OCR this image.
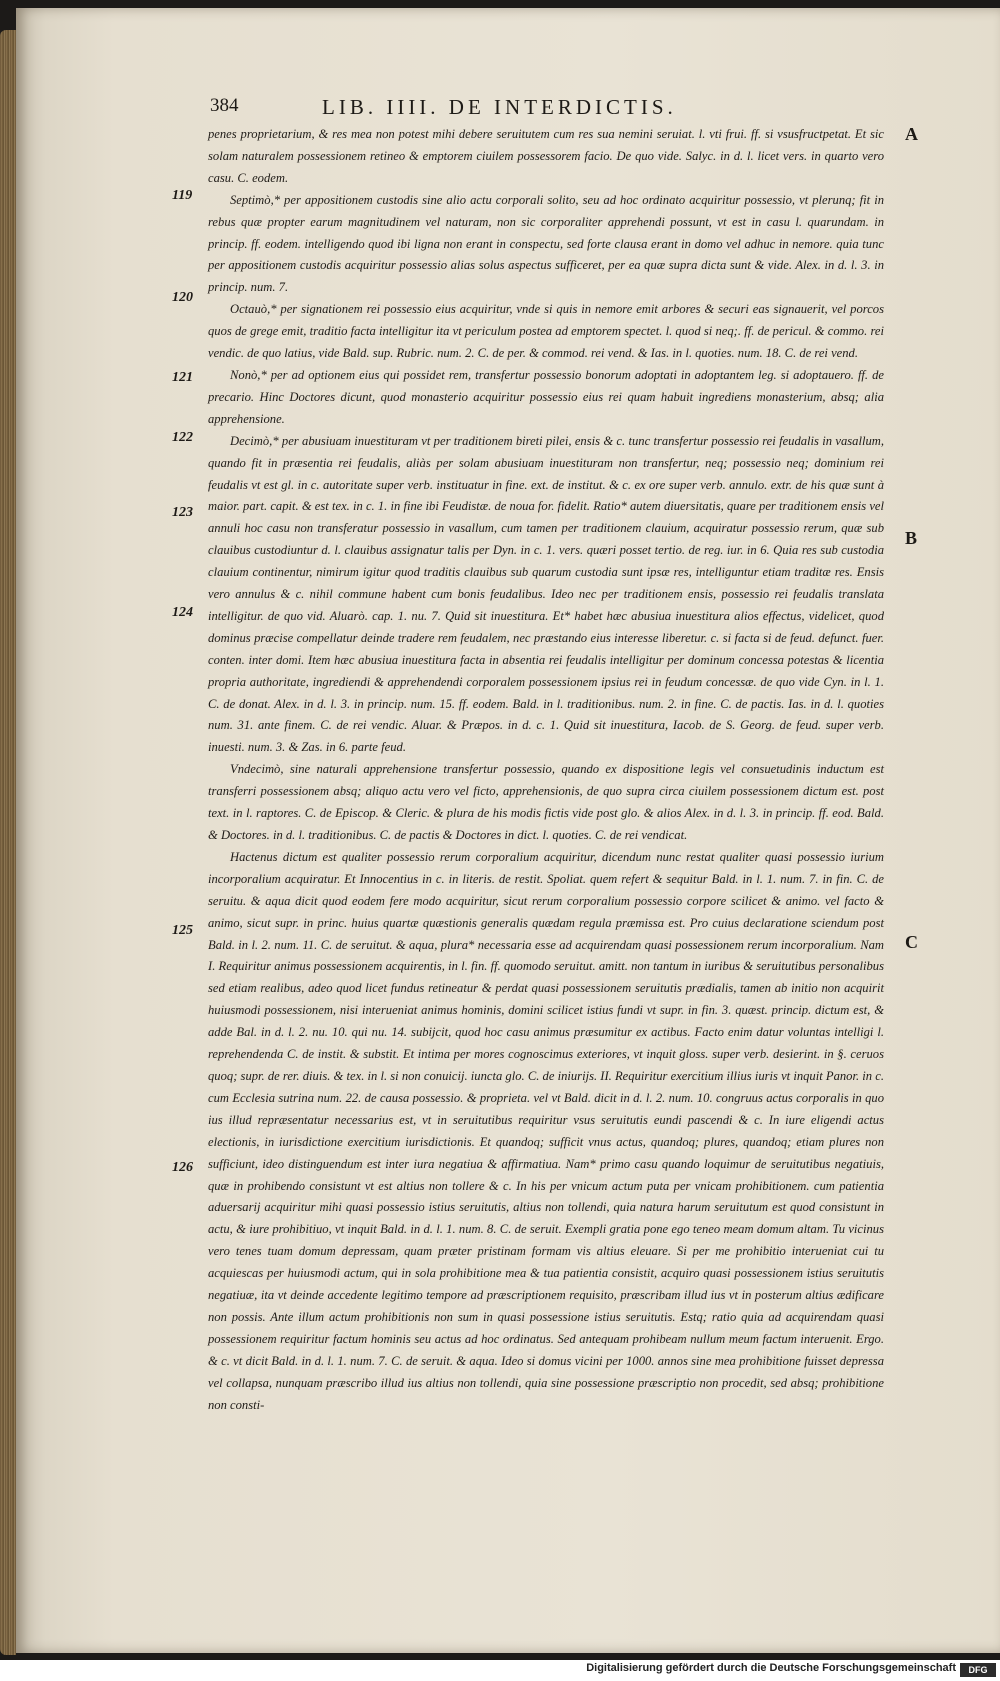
384	LIB. IIII. DE INTERDICTIS.
A
B
C
119
120
121
122
123
124
125
126

penes proprietarium, & res mea non potest mihi debere seruitutem cum res sua nemini seruiat. l. vti frui. ff. si vsusfructpetat. Et sic solam naturalem possessionem retineo & emptorem ciuilem possessorem facio. De quo vide. Salyc. in d. l. licet vers. in quarto vero casu. C. eodem.

Septimò,* per appositionem custodis sine alio actu corporali solito, seu ad hoc ordinato acquiritur possessio, vt plerunq; fit in rebus quæ propter earum magnitudinem vel naturam, non sic corporaliter apprehendi possunt, vt est in casu l. quarundam. in princip. ff. eodem. intelligendo quod ibi ligna non erant in conspectu, sed forte clausa erant in domo vel adhuc in nemore. quia tunc per appositionem custodis acquiritur possessio alias solus aspectus sufficeret, per ea quæ supra dicta sunt & vide. Alex. in d. l. 3. in princip. num. 7.

Octauò,* per signationem rei possessio eius acquiritur, vnde si quis in nemore emit arbores & securi eas signauerit, vel porcos quos de grege emit, traditio facta intelligitur ita vt periculum postea ad emptorem spectet. l. quod si neq;. ff. de pericul. & commo. rei vendic. de quo latius, vide Bald. sup. Rubric. num. 2. C. de per. & commod. rei vend. & Ias. in l. quoties. num. 18. C. de rei vend.

Nonò,* per ad optionem eius qui possidet rem, transfertur possessio bonorum adoptati in adoptantem leg. si adoptauero. ff. de precario. Hinc Doctores dicunt, quod monasterio acquiritur possessio eius rei quam habuit ingrediens monasterium, absq; alia apprehensione.

Decimò,* per abusiuam inuestituram vt per traditionem bireti pilei, ensis & c. tunc transfertur possessio rei feudalis in vasallum, quando fit in præsentia rei feudalis, aliàs per solam abusiuam inuestituram non transfertur, neq; possessio neq; dominium rei feudalis vt est gl. in c. autoritate super verb. instituatur in fine. ext. de institut. & c. ex ore super verb. annulo. extr. de his quæ sunt à maior. part. capit. & est tex. in c. 1. in fine ibi Feudistæ. de noua for. fidelit. Ratio* autem diuersitatis, quare per traditionem ensis vel annuli hoc casu non transferatur possessio in vasallum, cum tamen per traditionem clauium, acquiratur possessio rerum, quæ sub clauibus custodiuntur d. l. clauibus assignatur talis per Dyn. in c. 1. vers. quæri posset tertio. de reg. iur. in 6. Quia res sub custodia clauium continentur, nimirum igitur quod traditis clauibus sub quarum custodia sunt ipsæ res, intelliguntur etiam traditæ res. Ensis vero annulus & c. nihil commune habent cum bonis feudalibus. Ideo nec per traditionem ensis, possessio rei feudalis translata intelligitur. de quo vid. Aluarò. cap. 1. nu. 7. Quid sit inuestitura. Et* habet hæc abusiua inuestitura alios effectus, videlicet, quod dominus præcise compellatur deinde tradere rem feudalem, nec præstando eius interesse liberetur. c. si facta si de feud. defunct. fuer. conten. inter domi. Item hæc abusiua inuestitura facta in absentia rei feudalis intelligitur per dominum concessa potestas & licentia propria authoritate, ingrediendi & apprehendendi corporalem possessionem ipsius rei in feudum concessæ. de quo vide Cyn. in l. 1. C. de donat. Alex. in d. l. 3. in princip. num. 15. ff. eodem. Bald. in l. traditionibus. num. 2. in fine. C. de pactis. Ias. in d. l. quoties num. 31. ante finem. C. de rei vendic. Aluar. & Præpos. in d. c. 1. Quid sit inuestitura, Iacob. de S. Georg. de feud. super verb. inuesti. num. 3. & Zas. in 6. parte feud.

Vndecimò, sine naturali apprehensione transfertur possessio, quando ex dispositione legis vel consuetudinis inductum est transferri possessionem absq; aliquo actu vero vel ficto, apprehensionis, de quo supra circa ciuilem possessionem dictum est. post text. in l. raptores. C. de Episcop. & Cleric. & plura de his modis fictis vide post glo. & alios Alex. in d. l. 3. in princip. ff. eod. Bald. & Doctores. in d. l. traditionibus. C. de pactis & Doctores in dict. l. quoties. C. de rei vendicat.

Hactenus dictum est qualiter possessio rerum corporalium acquiritur, dicendum nunc restat qualiter quasi possessio iurium incorporalium acquiratur. Et Innocentius in c. in literis. de restit. Spoliat. quem refert & sequitur Bald. in l. 1. num. 7. in fin. C. de seruitu. & aqua dicit quod eodem fere modo acquiritur, sicut rerum corporalium possessio corpore scilicet & animo. vel facto & animo, sicut supr. in princ. huius quartæ quæstionis generalis quædam regula præmissa est. Pro cuius declaratione sciendum post Bald. in l. 2. num. 11. C. de seruitut. & aqua, plura* necessaria esse ad acquirendam quasi possessionem rerum incorporalium. Nam I. Requiritur animus possessionem acquirentis, in l. fin. ff. quomodo seruitut. amitt. non tantum in iuribus & seruitutibus personalibus sed etiam realibus, adeo quod licet fundus retineatur & perdat quasi possessionem seruitutis prædialis, tamen ab initio non acquirit huiusmodi possessionem, nisi interueniat animus hominis, domini scilicet istius fundi vt supr. in fin. 3. quæst. princip. dictum est, & adde Bal. in d. l. 2. nu. 10. qui nu. 14. subijcit, quod hoc casu animus præsumitur ex actibus. Facto enim datur voluntas intelligi l. reprehendenda C. de instit. & substit. Et intima per mores cognoscimus exteriores, vt inquit gloss. super verb. desierint. in §. ceruos quoq; supr. de rer. diuis. & tex. in l. si non conuicij. iuncta glo. C. de iniurijs. II. Requiritur exercitium illius iuris vt inquit Panor. in c. cum Ecclesia sutrina num. 22. de causa possessio. & proprieta. vel vt Bald. dicit in d. l. 2. num. 10. congruus actus corporalis in quo ius illud repræsentatur necessarius est, vt in seruitutibus requiritur vsus seruitutis eundi pascendi & c. In iure eligendi actus electionis, in iurisdictione exercitium iurisdictionis. Et quandoq; sufficit vnus actus, quandoq; plures, quandoq; etiam plures non sufficiunt, ideo distinguendum est inter iura negatiua & affirmatiua. Nam* primo casu quando loquimur de seruitutibus negatiuis, quæ in prohibendo consistunt vt est altius non tollere & c. In his per vnicum actum puta per vnicam prohibitionem. cum patientia aduersarij acquiritur mihi quasi possessio istius seruitutis, altius non tollendi, quia natura harum seruitutum est quod consistunt in actu, & iure prohibitiuo, vt inquit Bald. in d. l. 1. num. 8. C. de seruit. Exempli gratia pone ego teneo meam domum altam. Tu vicinus vero tenes tuam domum depressam, quam præter pristinam formam vis altius eleuare. Si per me prohibitio interueniat cui tu acquiescas per huiusmodi actum, qui in sola prohibitione mea & tua patientia consistit, acquiro quasi possessionem istius seruitutis negatiuæ, ita vt deinde accedente legitimo tempore ad præscriptionem requisito, præscribam illud ius vt in posterum altius ædificare non possis. Ante illum actum prohibitionis non sum in quasi possessione istius seruitutis. Estq; ratio quia ad acquirendam quasi possessionem requiritur factum hominis seu actus ad hoc ordinatus. Sed antequam prohibeam nullum meum factum interuenit. Ergo. & c. vt dicit Bald. in d. l. 1. num. 7. C. de seruit. & aqua. Ideo si domus vicini per 1000. annos sine mea prohibitione fuisset depressa vel collapsa, nunquam præscribo illud ius altius non tollendi, quia sine possessione præscriptio non procedit, sed absq; prohibitione non consti-

Digitalisierung gefördert durch die Deutsche Forschungsgemeinschaft	DFG
